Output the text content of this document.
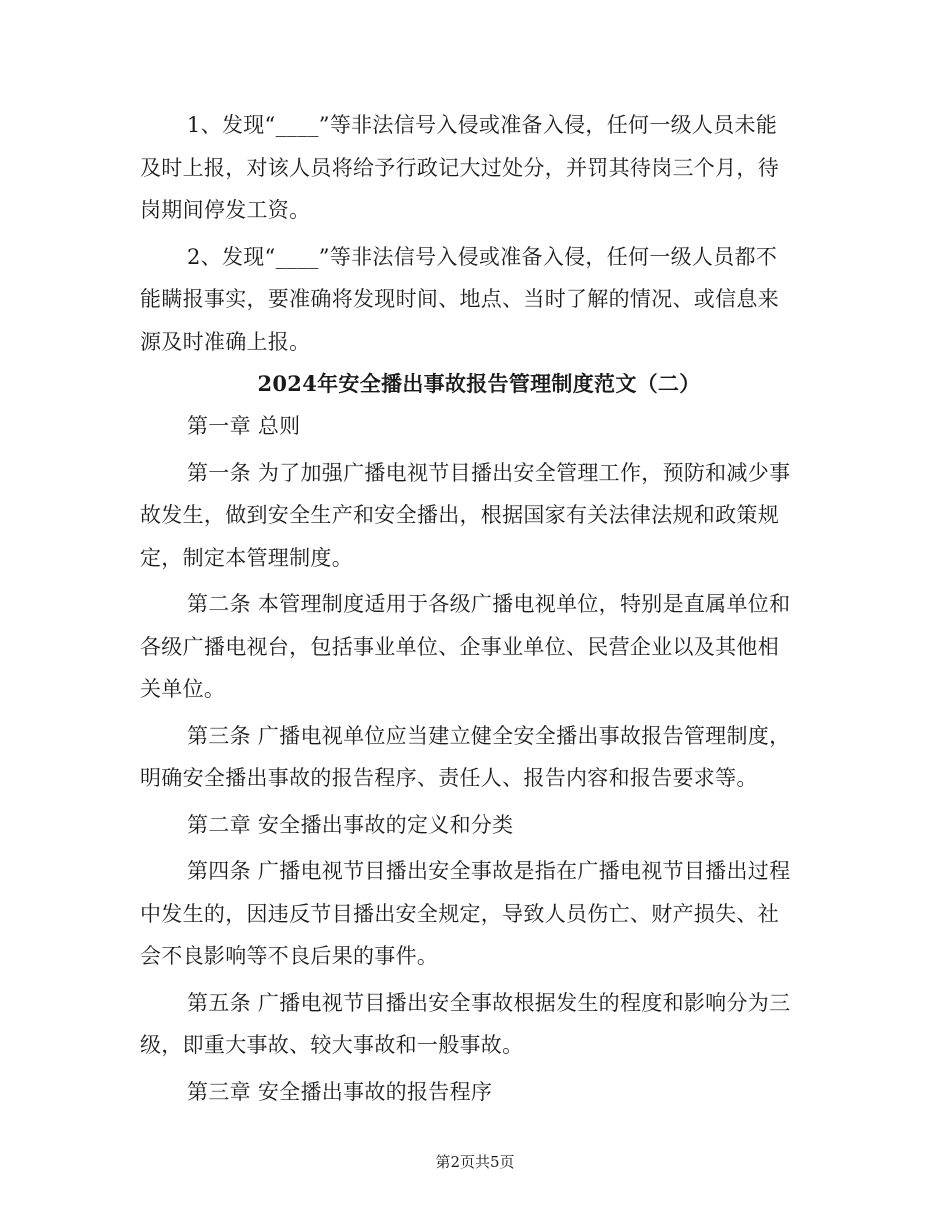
1、发现“____”等非法信号入侵或准备入侵，任何一级人员未能
及时上报，对该人员将给予行政记大过处分，并罚其待岗三个月，待
岗期间停发工资。

2、发现“____”等非法信号入侵或准备入侵，任何一级人员都不
能瞒报事实，要准确将发现时间、地点、当时了解的情况、或信息来
源及时准确上报。

2024年安全播出事故报告管理制度范文（二）

第一章 总则

第一条 为了加强广播电视节目播出安全管理工作，预防和减少事
故发生，做到安全生产和安全播出，根据国家有关法律法规和政策规
定，制定本管理制度。

第二条 本管理制度适用于各级广播电视单位，特别是直属单位和
各级广播电视台，包括事业单位、企事业单位、民营企业以及其他相
关单位。

第三条 广播电视单位应当建立健全安全播出事故报告管理制度，
明确安全播出事故的报告程序、责任人、报告内容和报告要求等。

第二章 安全播出事故的定义和分类

第四条 广播电视节目播出安全事故是指在广播电视节目播出过程
中发生的，因违反节目播出安全规定，导致人员伤亡、财产损失、社
会不良影响等不良后果的事件。

第五条 广播电视节目播出安全事故根据发生的程度和影响分为三
级，即重大事故、较大事故和一般事故。

第三章 安全播出事故的报告程序

第2页共5页
